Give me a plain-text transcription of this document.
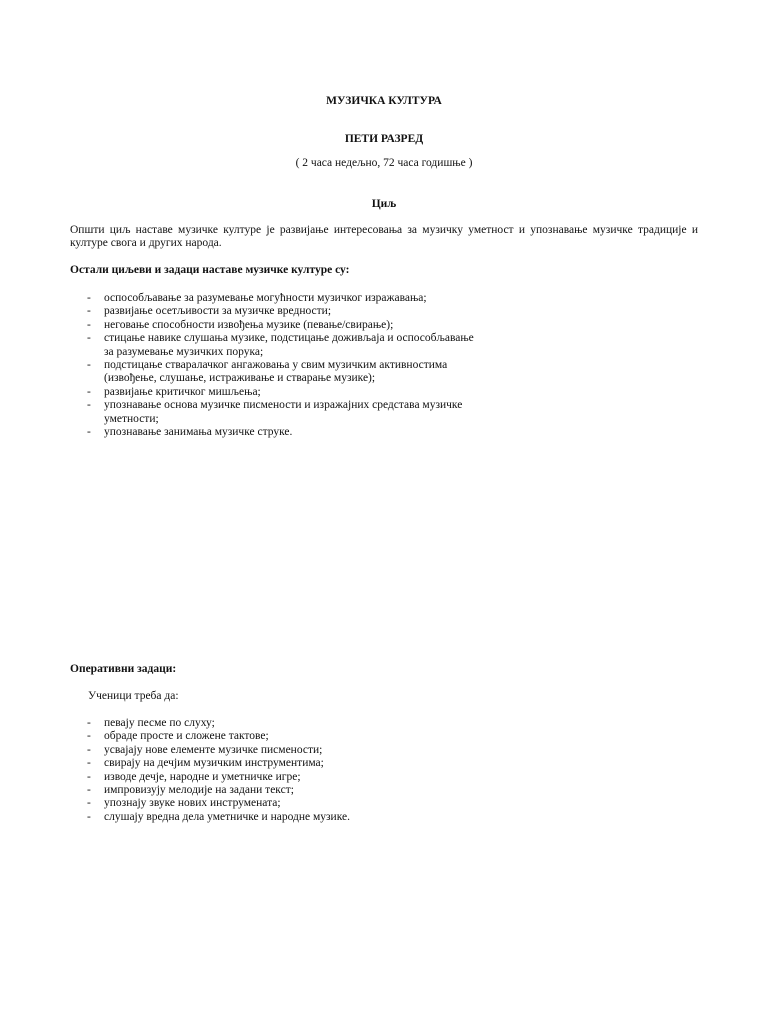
МУЗИЧКА КУЛТУРА
ПЕТИ РАЗРЕД
( 2 часа недељно, 72 часа годишње )
Циљ
Општи циљ наставе музичке културе је развијање интересовања за музичку уметност и упознавање музичке традиције и културе свога и других народа.
Остали циљеви и задаци наставе музичке културе су:
- оспособљавање за разумевање могућности музичког изражавања;
- развијање осетљивости за музичке вредности;
- неговање способности извођења музике (певање/свирање);
- стицање навике слушања музике, подстицање доживљаја и оспособљавање
за разумевање музичких порука;
- подстицање стваралачког ангажовања у свим музичким активностима
(извођење, слушање, истраживање и стварање музике);
- развијање критичког мишљења;
- упознавање основа музичке писмености и изражајних средстава музичке
уметности;
- упознавање занимања музичке струке.
Оперативни задаци:
Ученици треба да:
- певају песме по слуху;
- обраде просте и сложене тактове;
- усвајају нове елементе музичке писмености;
- свирају на дечјим музичким инструментима;
- изводе дечје, народне и уметничке игре;
- импровизују мелодије на задани текст;
- упознају звуке нових инструмената;
- слушају вредна дела уметничке и народне музике.
